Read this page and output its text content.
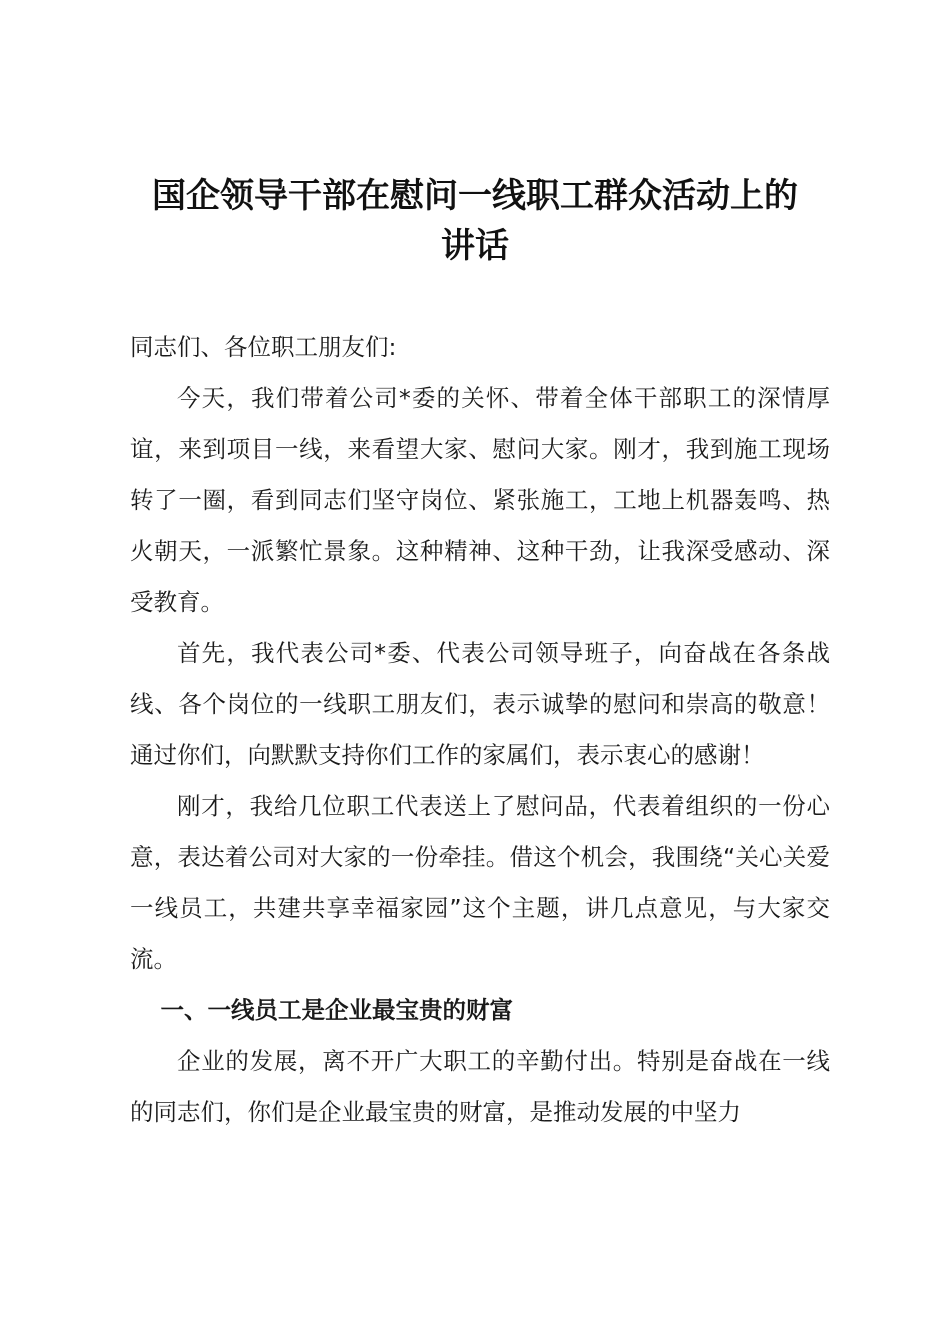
国企领导干部在慰问一线职工群众活动上的
讲话

同志们、各位职工朋友们:

今天，我们带着公司*委的关怀、带着全体干部职工的深情厚谊，来到项目一线，来看望大家、慰问大家。刚才，我到施工现场转了一圈，看到同志们坚守岗位、紧张施工，工地上机器轰鸣、热火朝天，一派繁忙景象。这种精神、这种干劲，让我深受感动、深受教育。

首先，我代表公司*委、代表公司领导班子，向奋战在各条战线、各个岗位的一线职工朋友们，表示诚挚的慰问和崇高的敬意！通过你们，向默默支持你们工作的家属们，表示衷心的感谢！

刚才，我给几位职工代表送上了慰问品，代表着组织的一份心意，表达着公司对大家的一份牵挂。借这个机会，我围绕“关心关爱一线员工，共建共享幸福家园”这个主题，讲几点意见，与大家交流。

一、一线员工是企业最宝贵的财富

企业的发展，离不开广大职工的辛勤付出。特别是奋战在一线的同志们，你们是企业最宝贵的财富，是推动发展的中坚力
